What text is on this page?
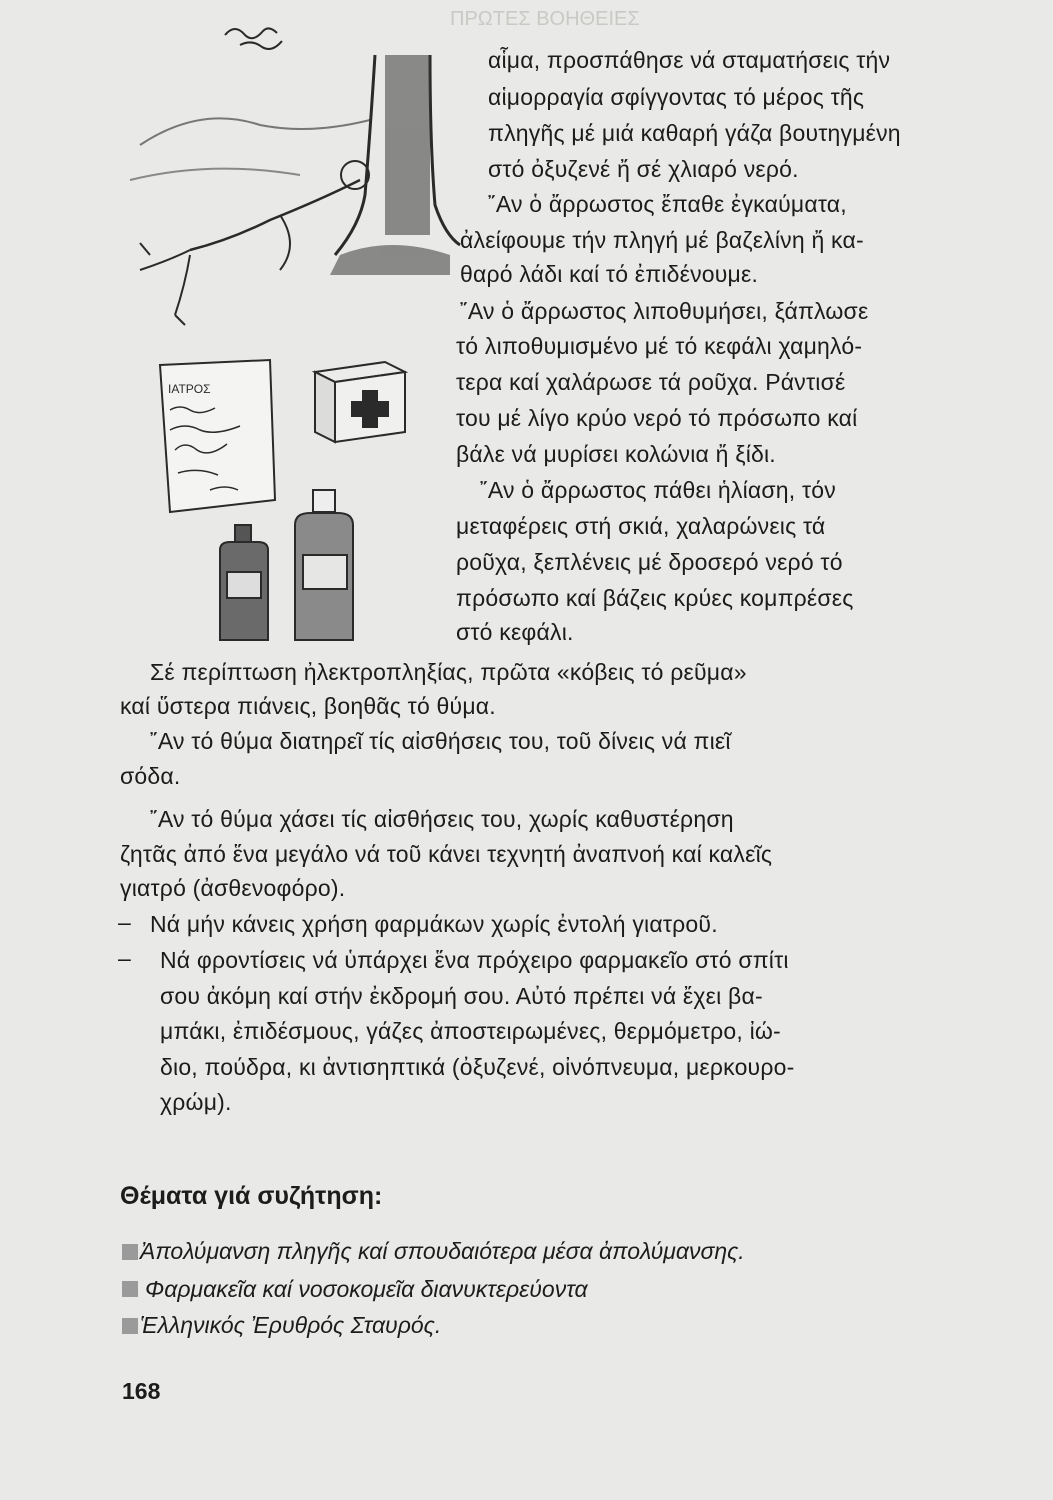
ΠΡΩΤΕΣ ΒΟΗΘΕΙΕΣ
person-lying-under-tree
ΙΑΤΡΟΣ
first-aid-box
medicine-bottles
αἷμα, προσπάθησε νά σταματήσεις τήν
αἱμορραγία σφίγγοντας τό μέρος τῆς
πληγῆς μέ μιά καθαρή γάζα βουτηγμένη
στό ὀξυζενέ ἤ σέ χλιαρό νερό.
῎Αν ὁ ἄρρωστος ἔπαθε ἐγκαύματα,
ἀλείφουμε τήν πληγή μέ βαζελίνη ἤ κα-
θαρό λάδι καί τό ἐπιδένουμε.
῎Αν ὁ ἄρρωστος λιποθυμήσει, ξάπλωσε
τό λιποθυμισμένο μέ τό κεφάλι χαμηλό-
τερα καί χαλάρωσε τά ροῦχα. Ράντισέ
του μέ λίγο κρύο νερό τό πρόσωπο καί
βάλε νά μυρίσει κολώνια ἤ ξίδι.
῎Αν ὁ ἄρρωστος πάθει ἡλίαση, τόν
μεταφέρεις στή σκιά, χαλαρώνεις τά
ροῦχα, ξεπλένεις μέ δροσερό νερό τό
πρόσωπο καί βάζεις κρύες κομπρέσες
στό κεφάλι.
Σέ περίπτωση ἠλεκτροπληξίας, πρῶτα «κόβεις τό ρεῦμα»
καί ὕστερα πιάνεις, βοηθᾶς τό θύμα.
῎Αν τό θύμα διατηρεῖ τίς αἰσθήσεις του, τοῦ δίνεις νά πιεῖ
σόδα.
῎Αν τό θύμα χάσει τίς αἰσθήσεις του, χωρίς καθυστέρηση
ζητᾶς ἀπό ἕνα μεγάλο νά τοῦ κάνει τεχνητή ἀναπνοή καί καλεῖς
γιατρό (ἀσθενοφόρο).
– Νά μήν κάνεις χρήση φαρμάκων χωρίς ἐντολή γιατροῦ.
– Νά φροντίσεις νά ὑπάρχει ἕνα πρόχειρο φαρμακεῖο στό σπίτι
σου ἀκόμη καί στήν ἐκδρομή σου. Αὐτό πρέπει νά ἔχει βα-
μπάκι, ἐπιδέσμους, γάζες ἀποστειρωμένες, θερμόμετρο, ἰώ-
διο, πούδρα, κι ἀντισηπτικά (ὀξυζενέ, οἰνόπνευμα, μερκουρο-
χρώμ).
Θέματα γιά συζήτηση:
Ἀπολύμανση πληγῆς καί σπουδαιότερα μέσα ἀπολύμανσης.
Φαρμακεῖα καί νοσοκομεῖα διανυκτερεύοντα
Ἑλληνικός Ἐρυθρός Σταυρός.
168
